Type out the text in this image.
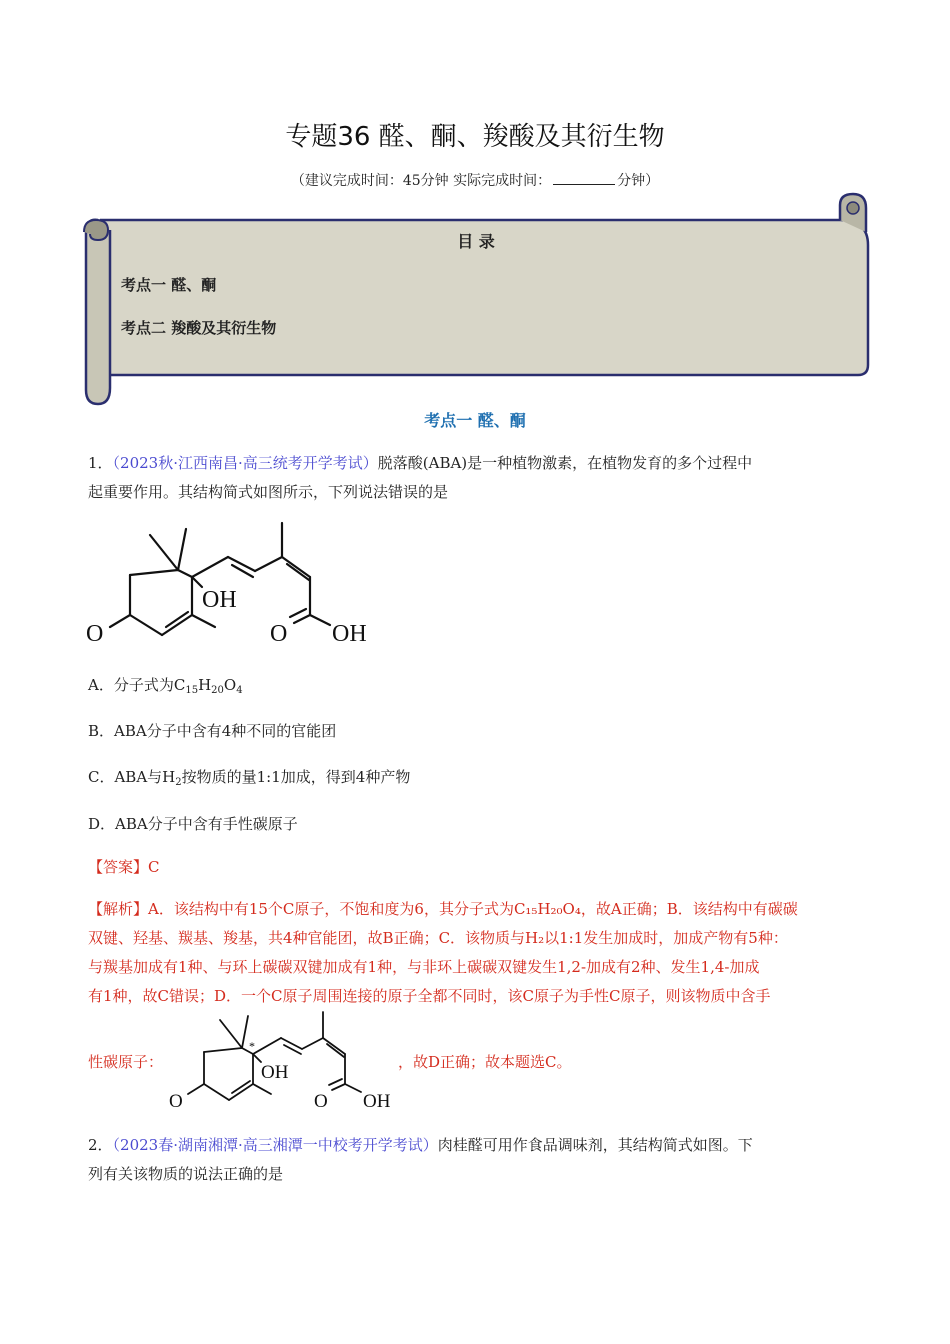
专题36 醛、酮、羧酸及其衍生物
（建议完成时间：45分钟 实际完成时间：	分钟）
目 录
考点一 醛、酮
考点二 羧酸及其衍生物
考点一 醛、酮
1．（2023秋·江西南昌·高三统考开学考试）脱落酸(ABA)是一种植物激素，在植物发育的多个过程中
起重要作用。其结构简式如图所示，下列说法错误的是
O
OH
O OH
A．分子式为$C_{15}H_{20}O_4$
B．ABA分子中含有4种不同的官能团
C．ABA与$H_2$按物质的量1:1加成，得到4种产物
D．ABA分子中含有手性碳原子
【答案】C
【解析】A．该结构中有15个C原子，不饱和度为6，其分子式为C₁₅H₂₀O₄，故A正确；B．该结构中有碳碳
双键、羟基、羰基、羧基，共4种官能团，故B正确；C．该物质与H₂以1:1发生加成时，加成产物有5种：
与羰基加成有1种、与环上碳碳双键加成有1种，与非环上碳碳双键发生1,2-加成有2种、发生1,4-加成
有1种，故C错误；D．一个C原子周围连接的原子全都不同时，该C原子为手性C原子，则该物质中含手
性碳原子：	，故D正确；故本题选C。
O
OH
O OH
*
2．（2023春·湖南湘潭·高三湘潭一中校考开学考试）肉桂醛可用作食品调味剂，其结构简式如图。下
列有关该物质的说法正确的是
